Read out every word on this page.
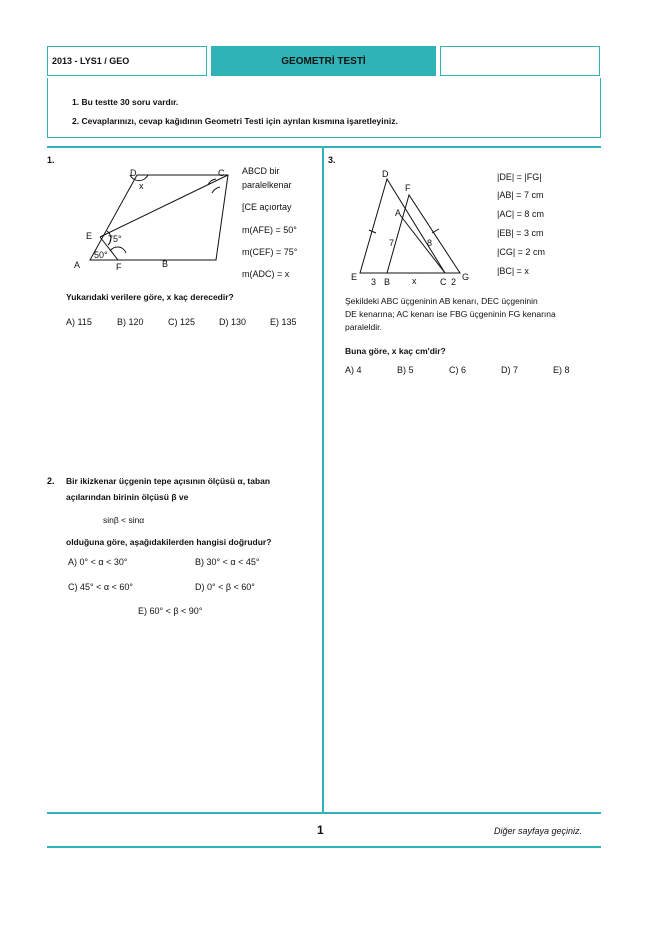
2013 - LYS1 / GEO	GEOMETRİ TESTİ
1. Bu testte 30 soru vardır.
2. Cevaplarınızı, cevap kağıdının Geometri Testi için ayrılan kısmına işaretleyiniz.
1.
D	C
x
E 75°
50°
A	F	B
ABCD bir
paralelkenar
[CE açıortay
m(AFE) = 50°
m(CEF) = 75°
m(ADC) = x
Yukarıdaki verilere göre, x kaç derecedir?
A) 115	B) 120	C) 125	D) 130	E) 135
2. Bir ikizkenar üçgenin tepe açısının ölçüsü α, taban
açılarından birinin ölçüsü β ve
sinβ < sinα
olduğuna göre, aşağıdakilerden hangisi doğrudur?
A) 0° < α < 30°	B) 30° < α < 45°
C) 45° < α < 60°	D) 0° < β < 60°
E) 60° < β < 90°
3.
D
F
A
7	8
E 3 B x	C 2 G
|DE| = |FG|
|AB| = 7 cm
|AC| = 8 cm
|EB| = 3 cm
|CG| = 2 cm
|BC| = x
Şekildeki ABC üçgeninin AB kenarı, DEC üçgeninin
DE kenarına; AC kenarı ise FBG üçgeninin FG kenarına
paraleldir.
Buna göre, x kaç cm'dir?
A) 4	B) 5	C) 6	D) 7	E) 8
1	Diğer sayfaya geçiniz.
